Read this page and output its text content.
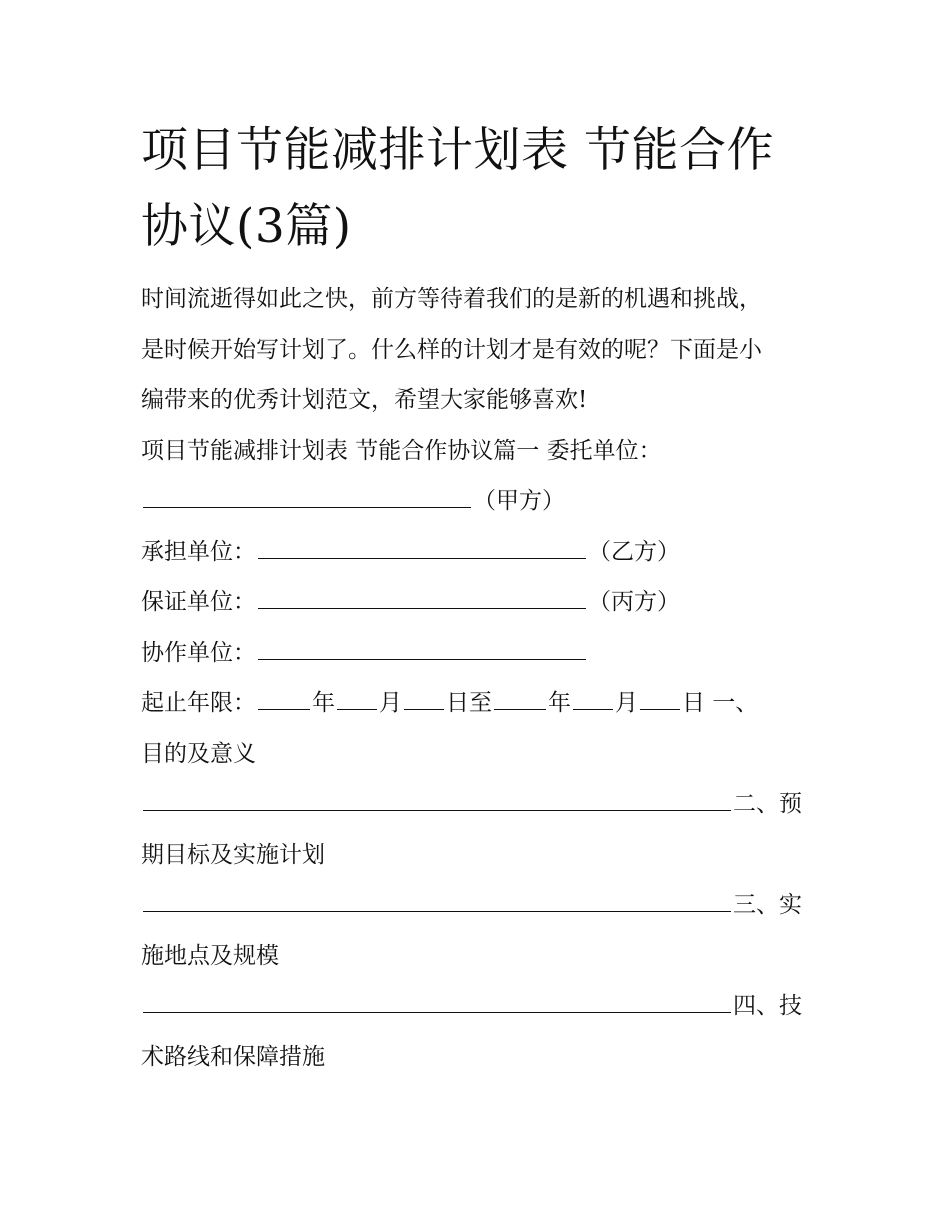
项目节能减排计划表 节能合作协议(3篇)
时间流逝得如此之快，前方等待着我们的是新的机遇和挑战，
是时候开始写计划了。什么样的计划才是有效的呢？下面是小
编带来的优秀计划范文，希望大家能够喜欢!
项目节能减排计划表 节能合作协议篇一 委托单位：
（甲方）
承担单位：	（乙方）
保证单位：	（丙方）
协作单位：
起止年限： 年 月 日至 年 月 日 一、
目的及意义
二、预
期目标及实施计划
三、实
施地点及规模
四、技
术路线和保障措施
